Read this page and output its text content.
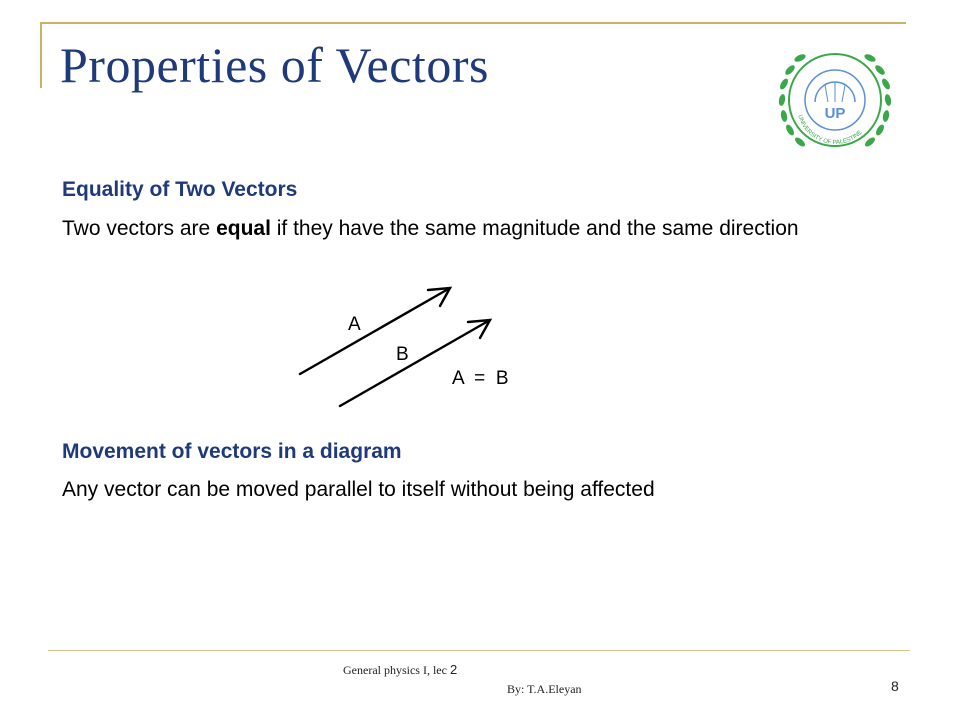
Properties of Vectors
UP
UNIVERSITY OF PALESTINE
Equality of Two Vectors
Two vectors are equal if they have the same magnitude and the same direction
A
B
A  =  B
Movement of vectors in a diagram
Any vector can be moved parallel to itself without being affected
General physics I, lec 2
By: T.A.Eleyan	8
